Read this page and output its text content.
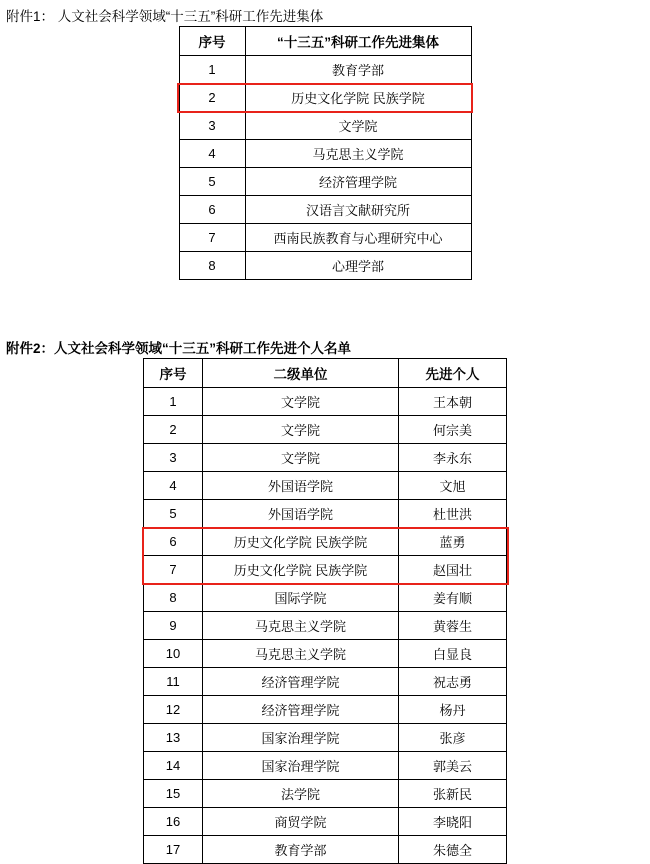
附件1： 人文社会科学领域“十三五”科研工作先进集体
序号	“十三五”科研工作先进集体
1	教育学部
2	历史文化学院 民族学院
3	文学院
4	马克思主义学院
5	经济管理学院
6	汉语言文献研究所
7	西南民族教育与心理研究中心
8	心理学部
附件2：人文社会科学领域“十三五”科研工作先进个人名单
序号	二级单位	先进个人
1	文学院	王本朝
2	文学院	何宗美
3	文学院	李永东
4	外国语学院	文旭
5	外国语学院	杜世洪
6	历史文化学院 民族学院	蓝勇
7	历史文化学院 民族学院	赵国壮
8	国际学院	姜有顺
9	马克思主义学院	黄蓉生
10	马克思主义学院	白显良
11	经济管理学院	祝志勇
12	经济管理学院	杨丹
13	国家治理学院	张彦
14	国家治理学院	郭美云
15	法学院	张新民
16	商贸学院	李晓阳
17	教育学部	朱德全
